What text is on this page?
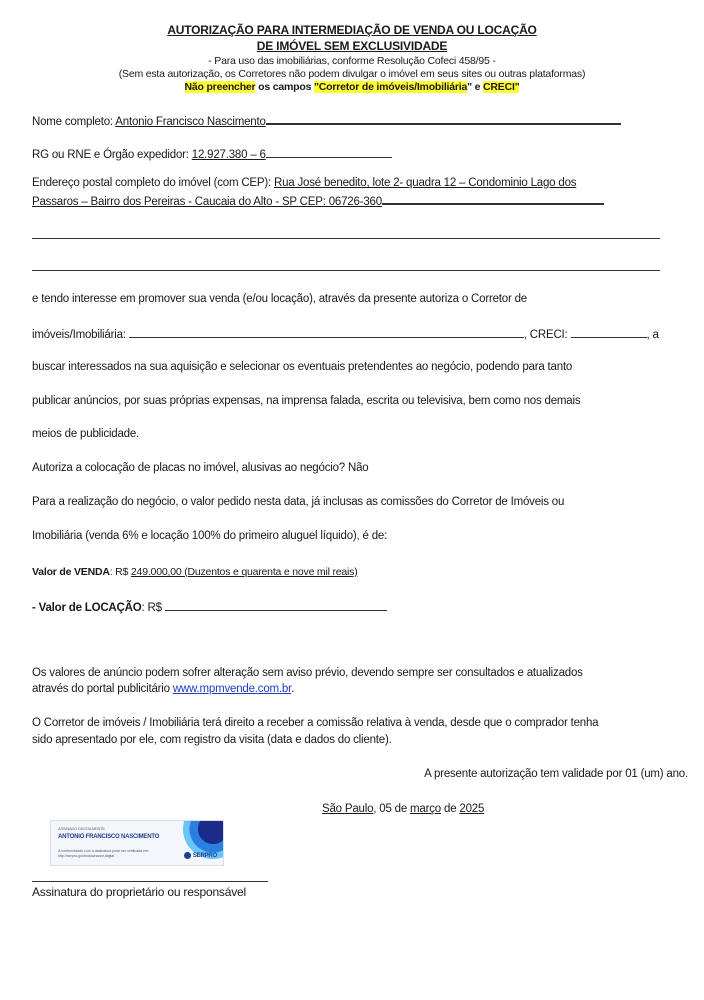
AUTORIZAÇÃO PARA INTERMEDIAÇÃO DE VENDA OU LOCAÇÃO
DE IMÓVEL SEM EXCLUSIVIDADE
- Para uso das imobiliárias, conforme Resolução Cofeci 458/95 -
(Sem esta autorização, os Corretores não podem divulgar o imóvel em seus sites ou outras plataformas)
Não preencher os campos "Corretor de imóveis/Imobiliária" e CRECI"
Nome completo: Antonio Francisco Nascimento
RG ou RNE e Órgão expedidor: 12.927.380 – 6
Endereço postal completo do imóvel (com CEP): Rua José benedito, lote 2- quadra 12 – Condominio Lago dos
Passaros – Bairro dos Pereiras - Caucaia do Alto - SP CEP: 06726-360
e tendo interesse em promover sua venda (e/ou locação), através da presente autoriza o Corretor de
imóveis/Imobiliária:	, CRECI:	, a
buscar interessados na sua aquisição e selecionar os eventuais pretendentes ao negócio, podendo para tanto
publicar anúncios, por suas próprias expensas, na imprensa falada, escrita ou televisiva, bem como nos demais
meios de publicidade.
Autoriza a colocação de placas no imóvel, alusivas ao negócio? Não
Para a realização do negócio, o valor pedido nesta data, já inclusas as comissões do Corretor de Imóveis ou
Imobiliária (venda 6% e locação 100% do primeiro aluguel líquido), é de:
Valor de VENDA: R$ 249.000,00 (Duzentos e quarenta e nove mil reais)
- Valor de LOCAÇÃO: R$
Os valores de anúncio podem sofrer alteração sem aviso prévio, devendo sempre ser consultados e atualizados
através do portal publicitário www.mpmvende.com.br.
O Corretor de imóveis / Imobiliária terá direito a receber a comissão relativa à venda, desde que o comprador tenha
sido apresentado por ele, com registro da visita (data e dados do cliente).
A presente autorização tem validade por 01 (um) ano.
São Paulo, 05 de março de 2025
ASSINADO DIGITALMENTE
ANTONIO FRANCISCO NASCIMENTO
A conformidade com a assinatura pode ser verificada em: http://serpro.gov.br/assinador-digital	SERPRO
Assinatura do proprietário ou responsável
